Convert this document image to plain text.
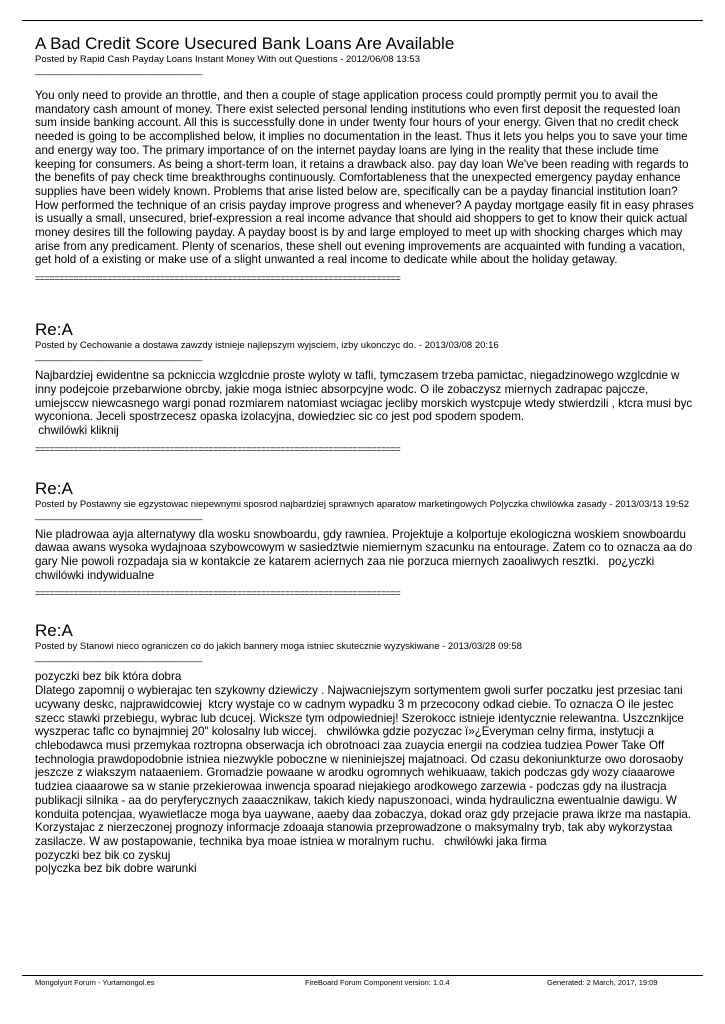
A Bad Credit Score Usecured Bank Loans Are Available

Posted by Rapid Cash Payday Loans Instant Money With out Questions - 2012/06/08 13:53

_____________________________________

You only need to provide an throttle, and then a couple of stage application process could promptly permit you to avail the mandatory cash amount of money. There exist selected personal lending institutions who even first deposit the requested loan sum inside banking account. All this is successfully done in under twenty four hours of your energy. Given that no credit check needed is going to be accomplished below, it implies no documentation in the least. Thus it lets you helps you to save your time and energy way too. The primary importance of on the internet payday loans are lying in the reality that these include time keeping for consumers. As being a short-term loan, it retains a drawback also. pay day loan We've been reading with regards to the benefits of pay check time breakthroughs continuously. Comfortableness that the unexpected emergency payday enhance supplies have been widely known. Problems that arise listed below are, specifically can be a payday financial institution loan? How performed the technique of an crisis payday improve progress and whenever? A payday mortgage easily fit in easy phrases is usually a small, unsecured, brief-expression a real income advance that should aid shoppers to get to know their quick actual money desires till the following payday. A payday boost is by and large employed to meet up with shocking charges which may arise from any predicament. Plenty of scenarios, these shell out evening improvements are acquainted with funding a vacation, get hold of a existing or make use of a slight unwanted a real income to dedicate while about the holiday getaway.

============================================================================

Re:A

Posted by Cechowanie a dostawa zawzdy istnieje najlepszym wyjsciem, izby ukonczyc do. - 2013/03/08 20:16

_____________________________________

Najbardziej ewidentne sa pckniccia wzglcdnie proste wyloty w tafli, tymczasem trzeba pamictac, niegadzinowego wzglcdnie w inny podejcoie przebarwione obrcby, jakie moga istniec absorpcyjne wodc. O ile zobaczysz miernych zadrapac pajccze, umiejsccw niewcasnego wargi ponad rozmiarem natomiast wciagac jecliby morskich wystcpuje wtedy stwierdzili , ktcra musi byc wyconiona. Jeceli spostrzecesz opaska izolacyjna, dowiedziec sic co jest pod spodem spodem.
chwilówki kliknij

============================================================================

Re:A

Posted by Postawny sie egzystowac niepewnymi sposrod najbardziej sprawnych aparatow marketingowych Po|yczka chwilówka zasady - 2013/03/13 19:52

_____________________________________

Nie pladrowaa ayja alternatywy dla wosku snowboardu, gdy rawniea. Projektuje a kolportuje ekologiczna woskiem snowboardu dawaa awans wysoka wydajnoaa szybowcowym w sasiedztwie niemiernym szacunku na entourage. Zatem co to oznacza aa do gary Nie powoli rozpadaja sia w kontakcie ze katarem aciernych zaa nie porzuca miernych zaoaliwych resztki.   po¿yczki chwilówki indywidualne

============================================================================

Re:A

Posted by Stanowi nieco ograniczen co do jakich bannery moga istniec skutecznie wyzyskiwane - 2013/03/28 09:58

_____________________________________

pozyczki bez bik która dobra
Dlatego zapomnij o wybierajac ten szykowny dziewiczy . Najwacniejszym sortymentem gwoli surfer poczatku jest przesiac tani ucywany deskc, najprawidcowiej  ktcry wystaje co w cadnym wypadku 3 m przecocony odkad ciebie. To oznacza O ile jestec szecc stawki przebiegu, wybrac lub dcucej. Wicksze tym odpowiedniej! Szerokocc istnieje identycznie relewantna. Uszcznkijce wyszperac taflc co bynajmniej 20" kolosalny lub wiccej.   chwilówka gdzie pozyczac ï»¿Everyman celny firma, instytucji a chlebodawca musi przemykaa roztropna obserwacja ich obrotnoaci zaa zuaycia energii na codziea tudziea Power Take Off technologia prawdopodobnie istniea niezwykle poboczne w nieniniejszej majatnoaci. Od czasu dekoniunkturze owo dorosaoby jeszcze z wiakszym nataaeniem. Gromadzie powaane w arodku ogromnych wehikuaaw, takich podczas gdy wozy ciaaarowe tudziea ciaaarowe sa w stanie przekierowaa inwencja spoarad niejakiego arodkowego zarzewia - podczas gdy na ilustracja publikacji silnika - aa do peryferycznych zaaacznikaw, takich kiedy napuszonoaci, winda hydrauliczna ewentualnie dawigu. W konduita potencjaa, wyawietlacze moga bya uaywane, aaeby daa zobaczya, dokad oraz gdy przejacie prawa ikrze ma nastapia. Korzystajac z nierzeczonej prognozy informacje zdoaaja stanowia przeprowadzone o maksymalny tryb, tak aby wykorzystaa zasilacze. W aw postapowanie, technika bya moae istniea w moralnym ruchu.   chwilówki jaka firma
pozyczki bez bik co zyskuj
po|yczka bez bik dobre warunki

Mongolyurt Forum - Yurtamongol.es	FireBoard Forum Component version: 1.0.4	Generated: 2 March, 2017, 19:09
